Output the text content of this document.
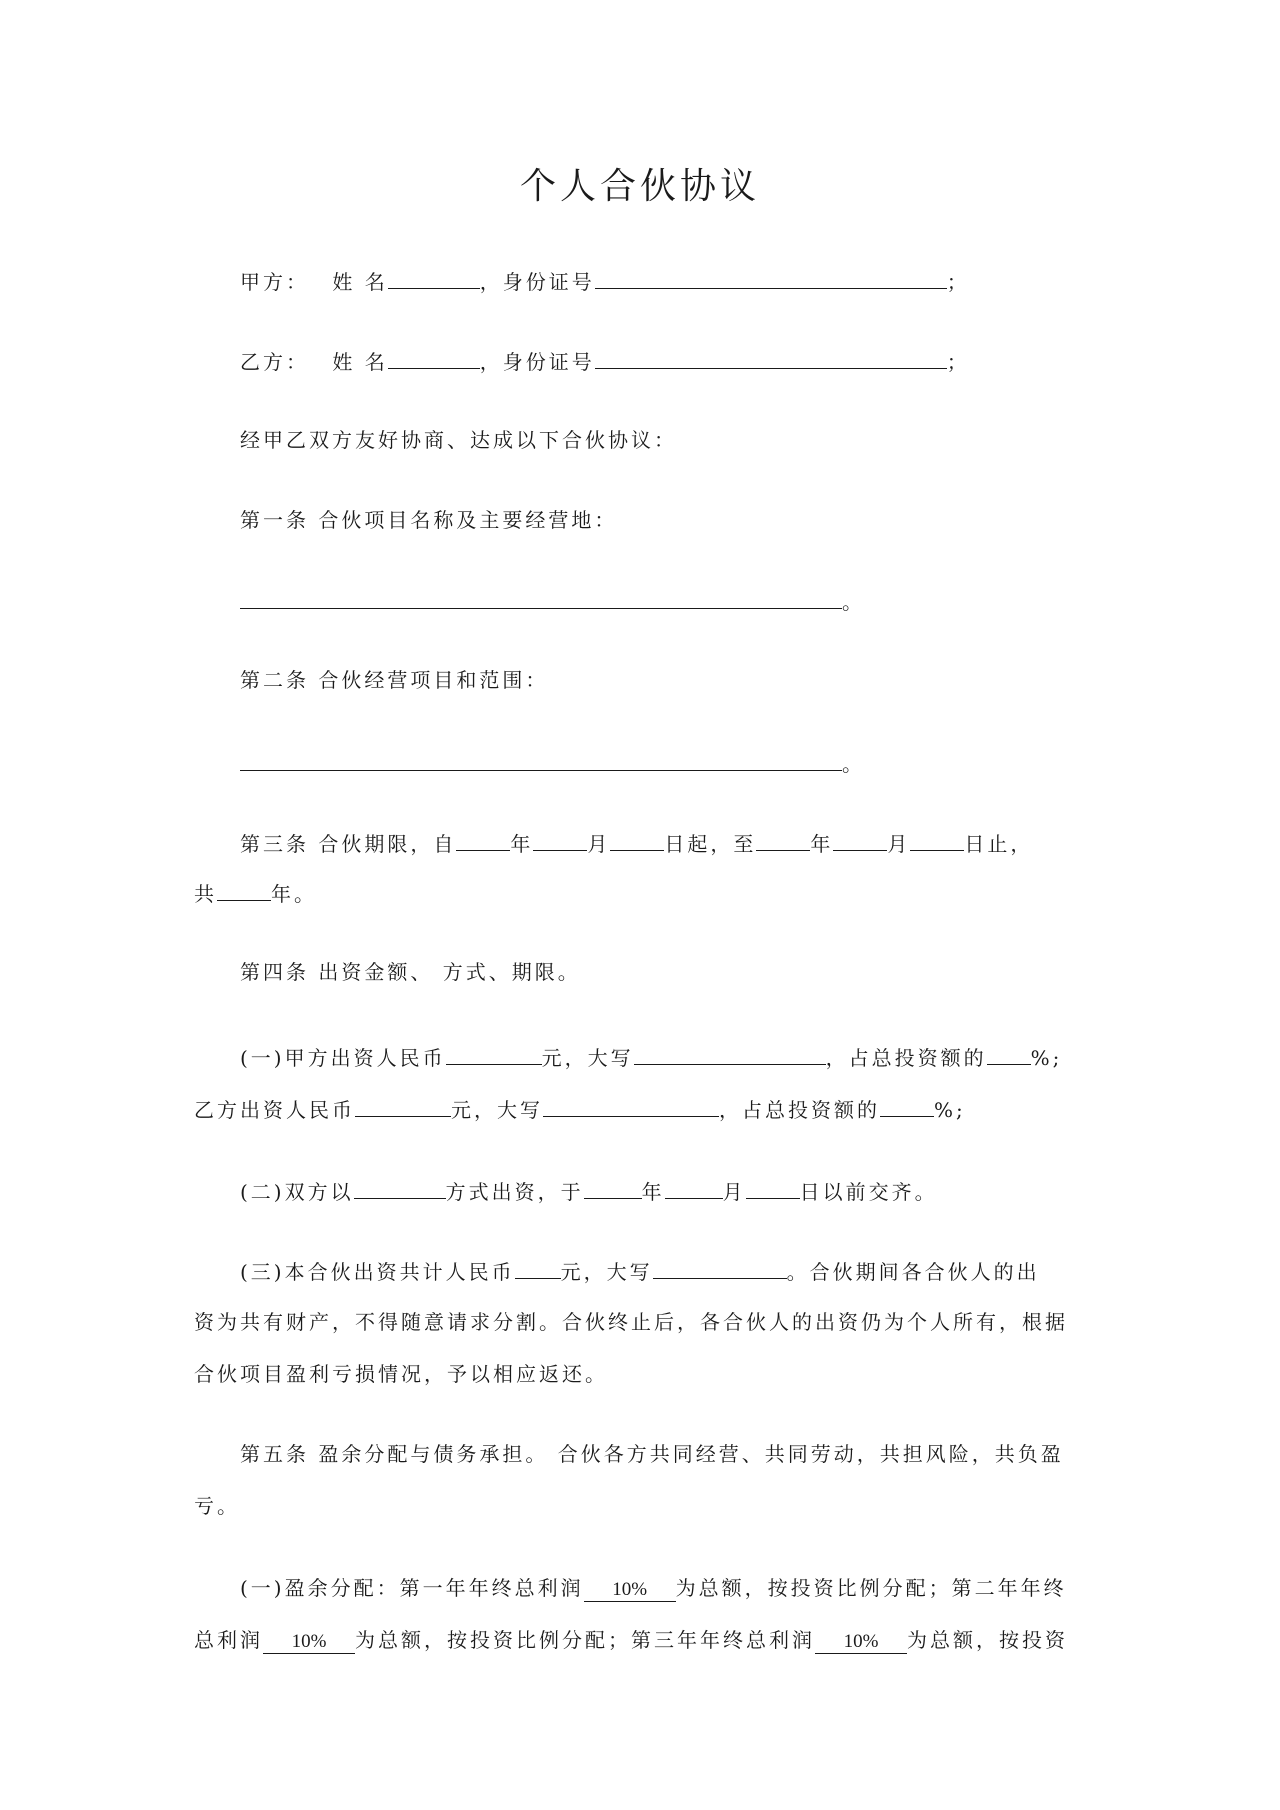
个人合伙协议
甲方： 姓 名	，身份证号	；
乙方： 姓 名	，身份证号	；
经甲乙双方友好协商、达成以下合伙协议：
第一条 合伙项目名称及主要经营地：
。
第二条 合伙经营项目和范围：
。
第三条 合伙期限，自	年	月	日起，至	年	月	日止，
共	年。
第四条 出资金额、 方式、期限。
(一)甲方出资人民币	元，大写	，占总投资额的 %;
乙方出资人民币	元，大写	，占总投资额的	%;
(二)双方以	方式出资，于	年	月	日以前交齐。
(三)本合伙出资共计人民币 元，大写	。合伙期间各合伙人的出
资为共有财产，不得随意请求分割。合伙终止后，各合伙人的出资仍为个人所有，根据
合伙项目盈利亏损情况，予以相应返还。
第五条 盈余分配与债务承担。 合伙各方共同经营、共同劳动，共担风险，共负盈
亏。
(一)盈余分配：第一年年终总利润 10% 为总额，按投资比例分配；第二年年终
总利润 10% 为总额，按投资比例分配；第三年年终总利润 10% 为总额，按投资
